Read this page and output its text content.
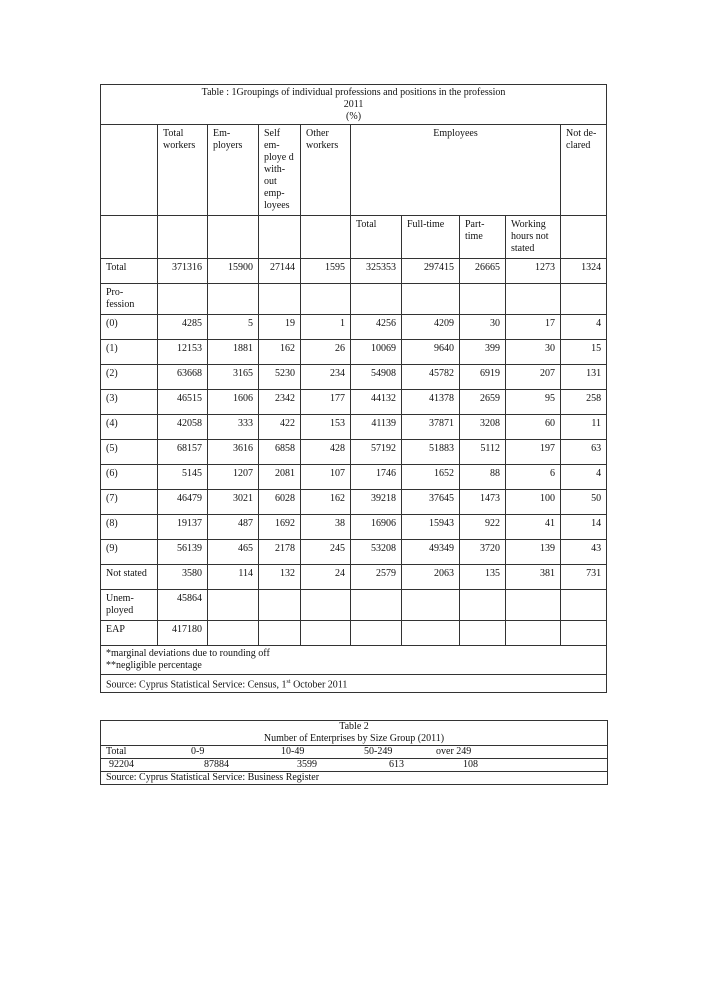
Table : 1Groupings of individual professions and positions in the profession
2011
(%)									

	Total workers	Em- ployers	Self em- ploye d with- out emp- loyees	Other workers	Employees				Not de- clared
					Total	Full-time	Part- time	Working hours not stated	
Total	371316	15900	27144	1595	325353	297415	26665	1273	1324
Pro- fession									
(0)	4285	5	19	1	4256	4209	30	17	4
(1)	12153	1881	162	26	10069	9640	399	30	15
(2)	63668	3165	5230	234	54908	45782	6919	207	131
(3)	46515	1606	2342	177	44132	41378	2659	95	258
(4)	42058	333	422	153	41139	37871	3208	60	11
(5)	68157	3616	6858	428	57192	51883	5112	197	63
(6)	5145	1207	2081	107	1746	1652	88	6	4
(7)	46479	3021	6028	162	39218	37645	1473	100	50
(8)	19137	487	1692	38	16906	15943	922	41	14
(9)	56139	465	2178	245	53208	49349	3720	139	43
Not stated	3580	114	132	24	2579	2063	135	381	731
Unem- ployed	45864								
EAP	417180								

*marginal deviations due to rounding off
**negligible percentage									

Source: Cyprus Statistical Service: Census, 1st October 2011									
Table 2
Number of Enterprises by Size Group (2011)
Total	0-9	10-49	50-249	over 249
92204	87884	3599	613	108
Source: Cyprus Statistical Service: Business Register
